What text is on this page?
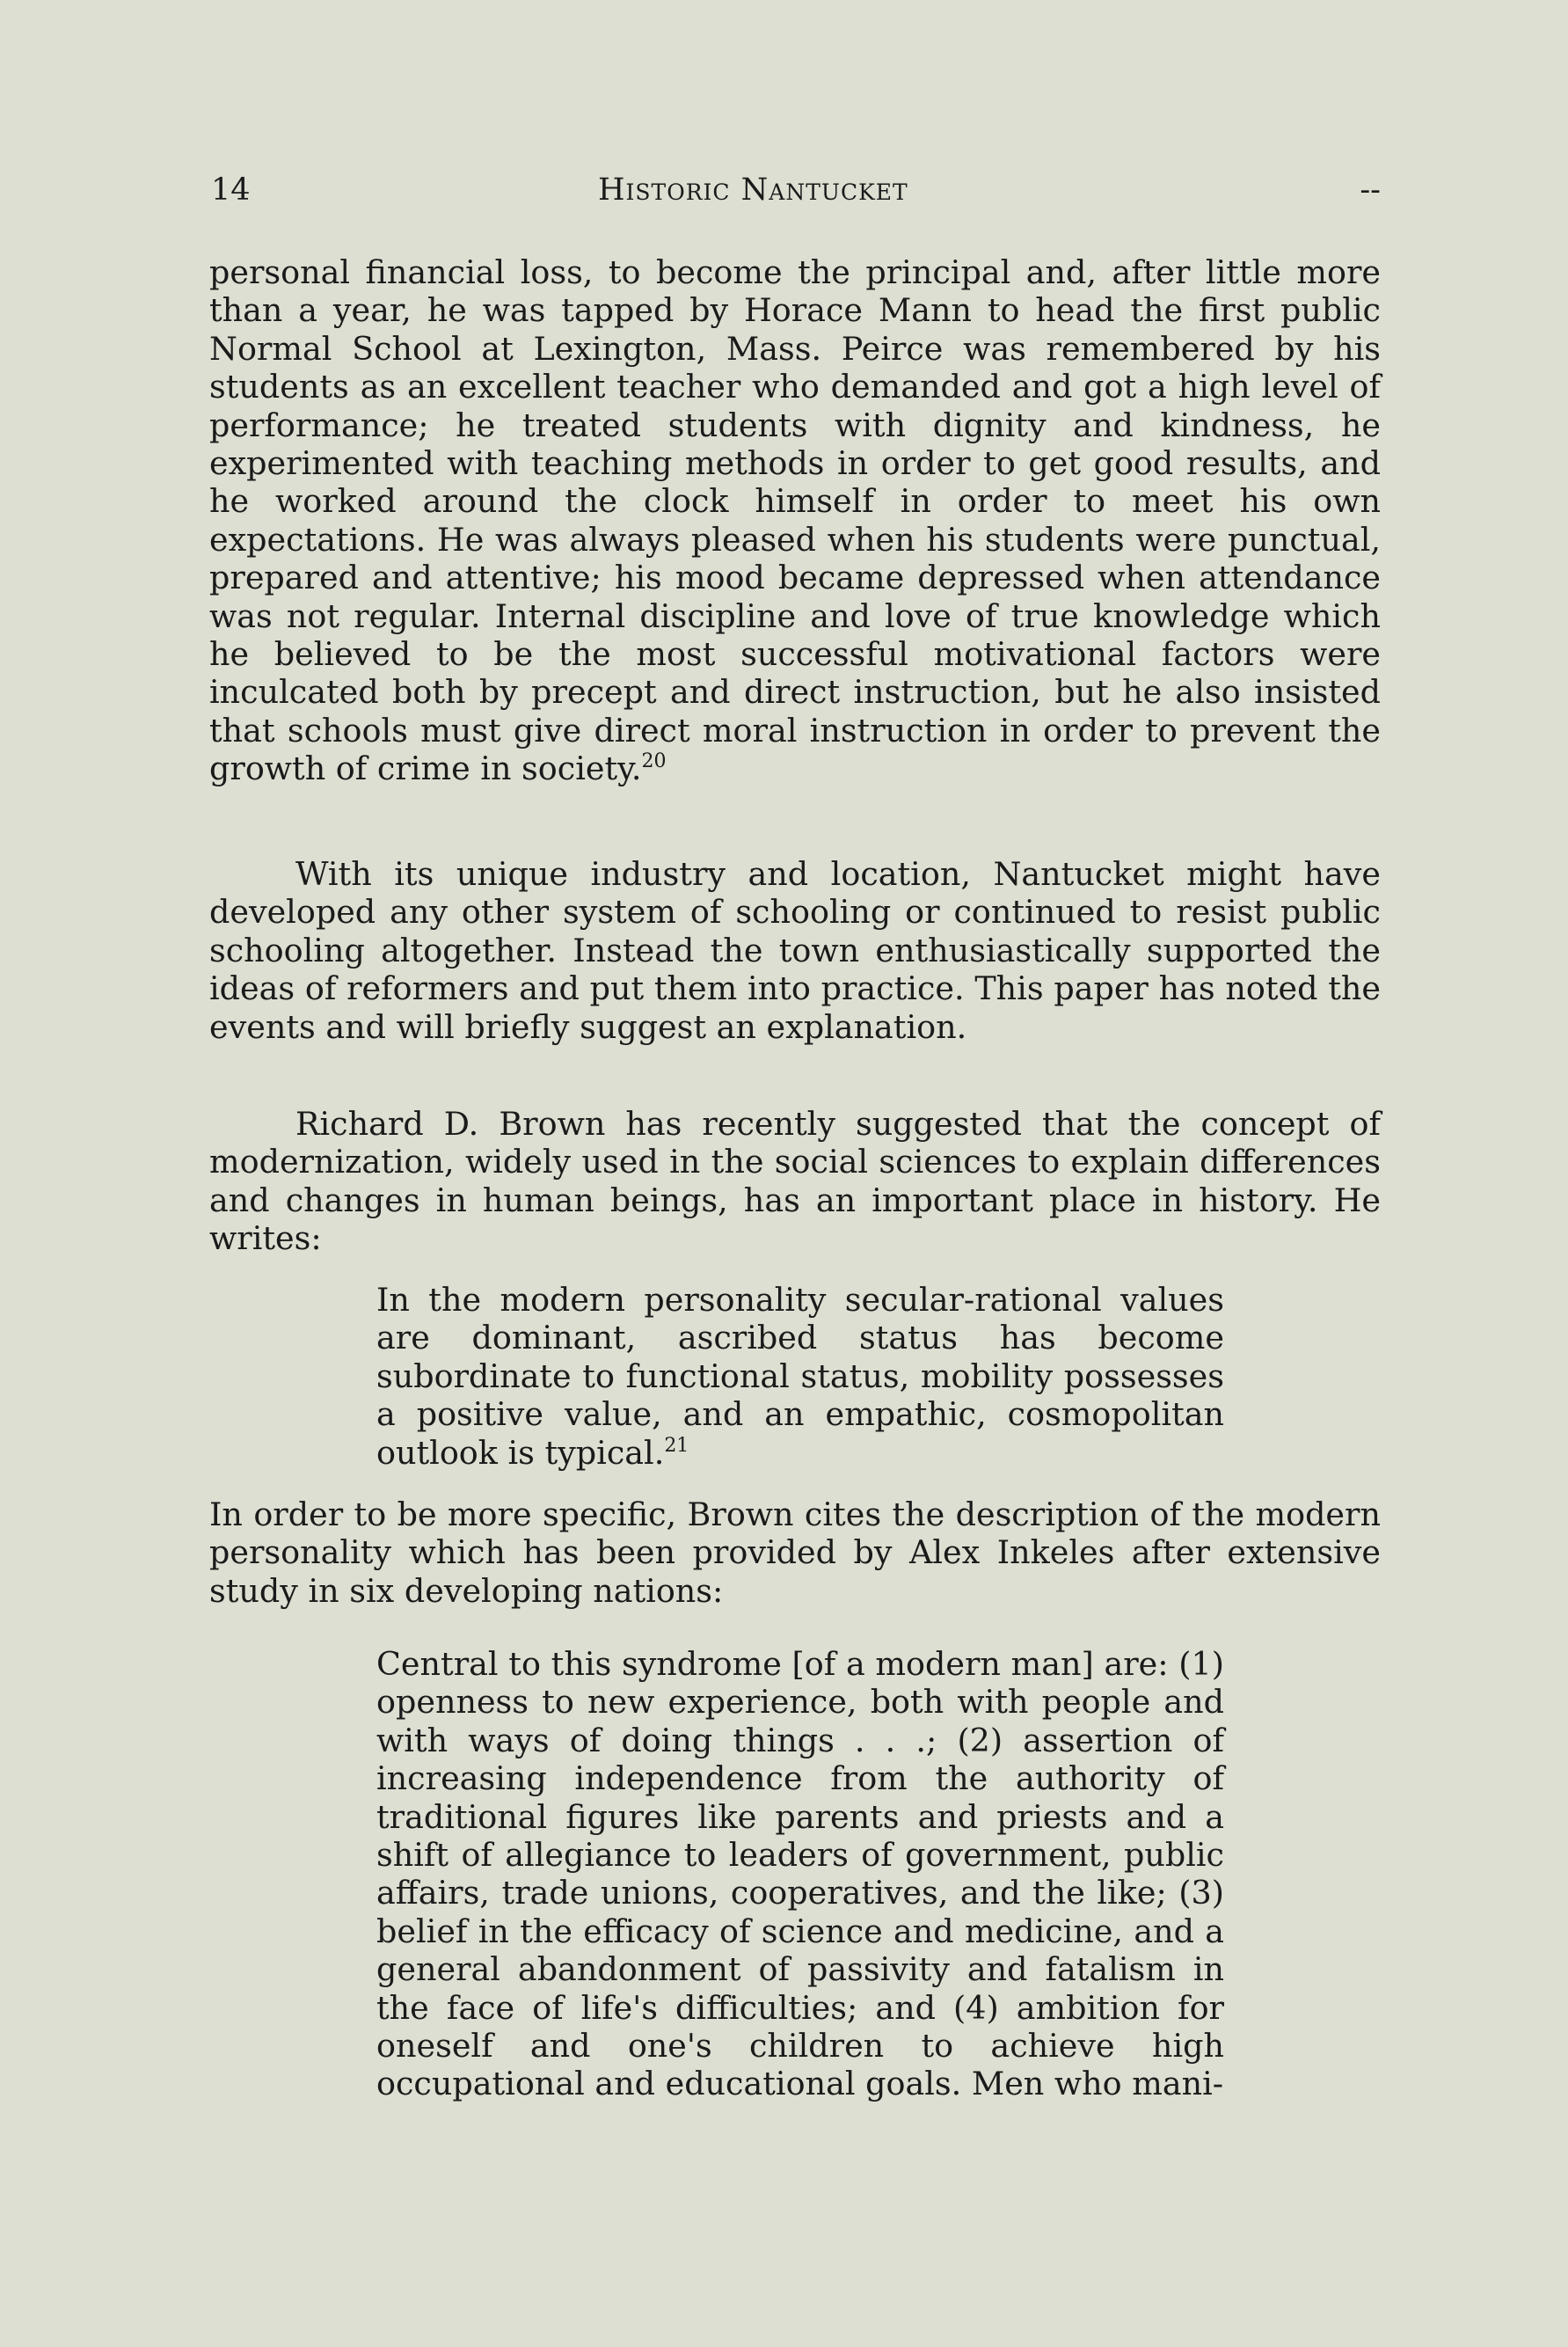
14	Historic Nantucket	--

personal financial loss, to become the principal and, after little more than a year, he was tapped by Horace Mann to head the first public Normal School at Lexington, Mass. Peirce was remembered by his students as an excellent teacher who demanded and got a high level of performance; he treated students with dignity and kindness, he experimented with teaching methods in order to get good results, and he worked around the clock himself in order to meet his own expectations. He was always pleased when his students were punctual, prepared and attentive; his mood became depressed when attendance was not regular. Internal discipline and love of true knowledge which he believed to be the most successful motivational factors were inculcated both by precept and direct instruction, but he also insisted that schools must give direct moral instruction in order to prevent the growth of crime in society.$^{20}$

With its unique industry and location, Nantucket might have developed any other system of schooling or continued to resist public schooling altogether. Instead the town enthusiastically supported the ideas of reformers and put them into practice. This paper has noted the events and will briefly suggest an explanation.

Richard D. Brown has recently suggested that the concept of modernization, widely used in the social sciences to explain differences and changes in human beings, has an important place in history. He writes:

In the modern personality secular-rational values are dominant, ascribed status has become subordinate to functional status, mobility possesses a positive value, and an empathic, cosmopolitan outlook is typical.$^{21}$

In order to be more specific, Brown cites the description of the modern personality which has been provided by Alex Inkeles after extensive study in six developing nations:

Central to this syndrome [of a modern man] are: (1) openness to new experience, both with people and with ways of doing things . . .; (2) assertion of increasing independence from the authority of traditional figures like parents and priests and a shift of allegiance to leaders of government, public affairs, trade unions, cooperatives, and the like; (3) belief in the efficacy of science and medicine, and a general abandonment of passivity and fatalism in the face of life's difficulties; and (4) ambition for oneself and one's children to achieve high occupational and educational goals. Men who mani-
